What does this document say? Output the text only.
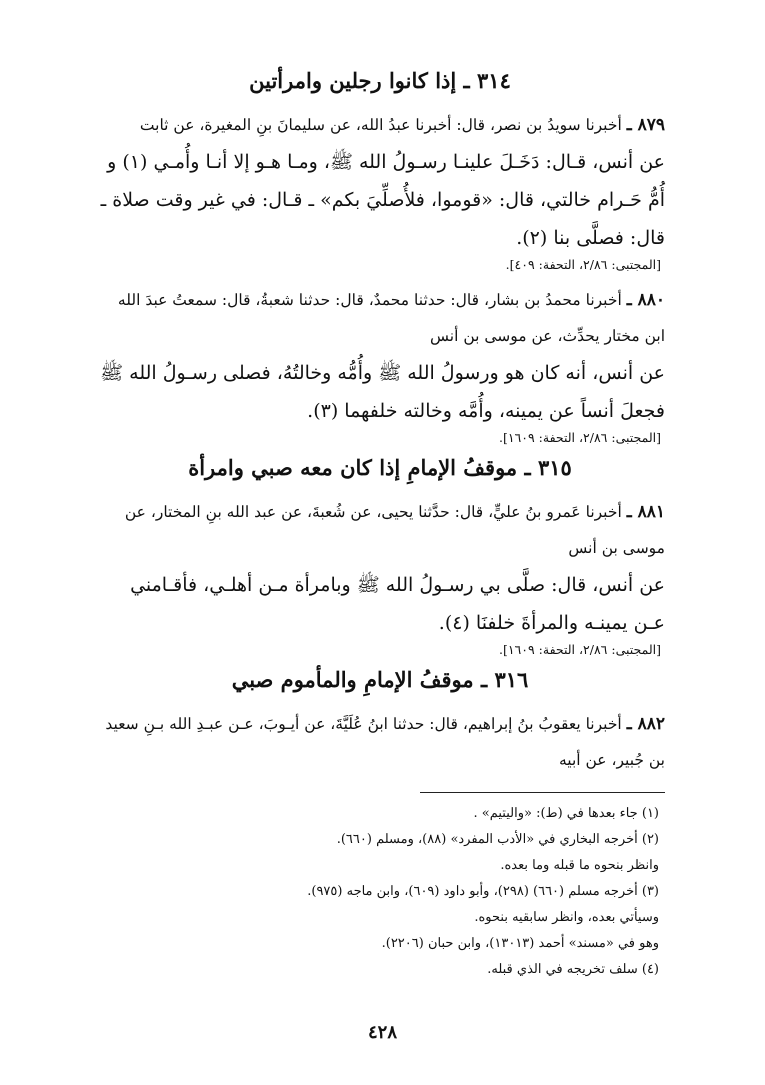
٣١٤ ـ إذا كانوا رجلين وامرأتين

٨٧٩ ـ أخبرنا سويدُ بن نصر، قال: أخبرنا عبدُ الله، عن سليمانَ بنِ المغيرة، عن ثابت

عن أنس، قـال: دَخَـلَ علينـا رسـولُ الله ﷺ، ومـا هـو إلا أنـا وأُمـي (١) و أُمُّ حَـرام خالتي، قال: «قوموا، فلأُصلِّيَ بكم» ـ قـال: في غير وقت صلاة ـ قال: فصلَّى بنا (٢).

[المجتبى: ٢/٨٦، التحفة: ٤٠٩].

٨٨٠ ـ أخبرنا محمدُ بن بشار، قال: حدثنا محمدٌ، قال: حدثنا شعبةُ، قال: سمعتُ عبدَ الله ابن مختار يحدِّث، عن موسى بن أنس

عن أنس، أنه كان هو ورسولُ الله ﷺ وأُمُّه وخالتُهُ، فصلى رسـولُ الله ﷺ فجعلَ أنساً عن يمينه، وأُمَّه وخالته خلفهما (٣).

[المجتبى: ٢/٨٦، التحفة: ١٦٠٩].

٣١٥ ـ موقفُ الإمامِ إذا كان معه صبي وامرأة

٨٨١ ـ أخبرنا عَمرو بنُ عليٍّ، قال: حدَّثنا يحيى، عن شُعبةَ، عن عبد الله بنِ المختار، عن موسى بن أنس

عن أنس، قال: صلَّى بي رسـولُ الله ﷺ وبامرأة مـن أهلـي، فأقـامني عـن يمينـه والمرأةَ خلفنَا (٤).

[المجتبى: ٢/٨٦، التحفة: ١٦٠٩].

٣١٦ ـ موقفُ الإمامِ والمأموم صبي

٨٨٢ ـ أخبرنا يعقوبُ بنُ إبراهيم، قال: حدثنا ابنُ عُلَيَّةَ، عن أيـوبَ، عـن عبـدِ الله بـنِ سعيد بن جُبير، عن أبيه

(١) جاء بعدها في (ط): «واليتيم» .

(٢) أخرجه البخاري في «الأدب المفرد» (٨٨)، ومسلم (٦٦٠).

وانظر بنحوه ما قبله وما بعده.

(٣) أخرجه مسلم (٦٦٠) (٢٩٨)، وأبو داود (٦٠٩)، وابن ماجه (٩٧٥).

وسيأتي بعده، وانظر سابقيه بنحوه.

وهو في «مسند» أحمد (١٣٠١٣)، وابن حبان (٢٢٠٦).

(٤) سلف تخريجه في الذي قبله.

٤٢٨
